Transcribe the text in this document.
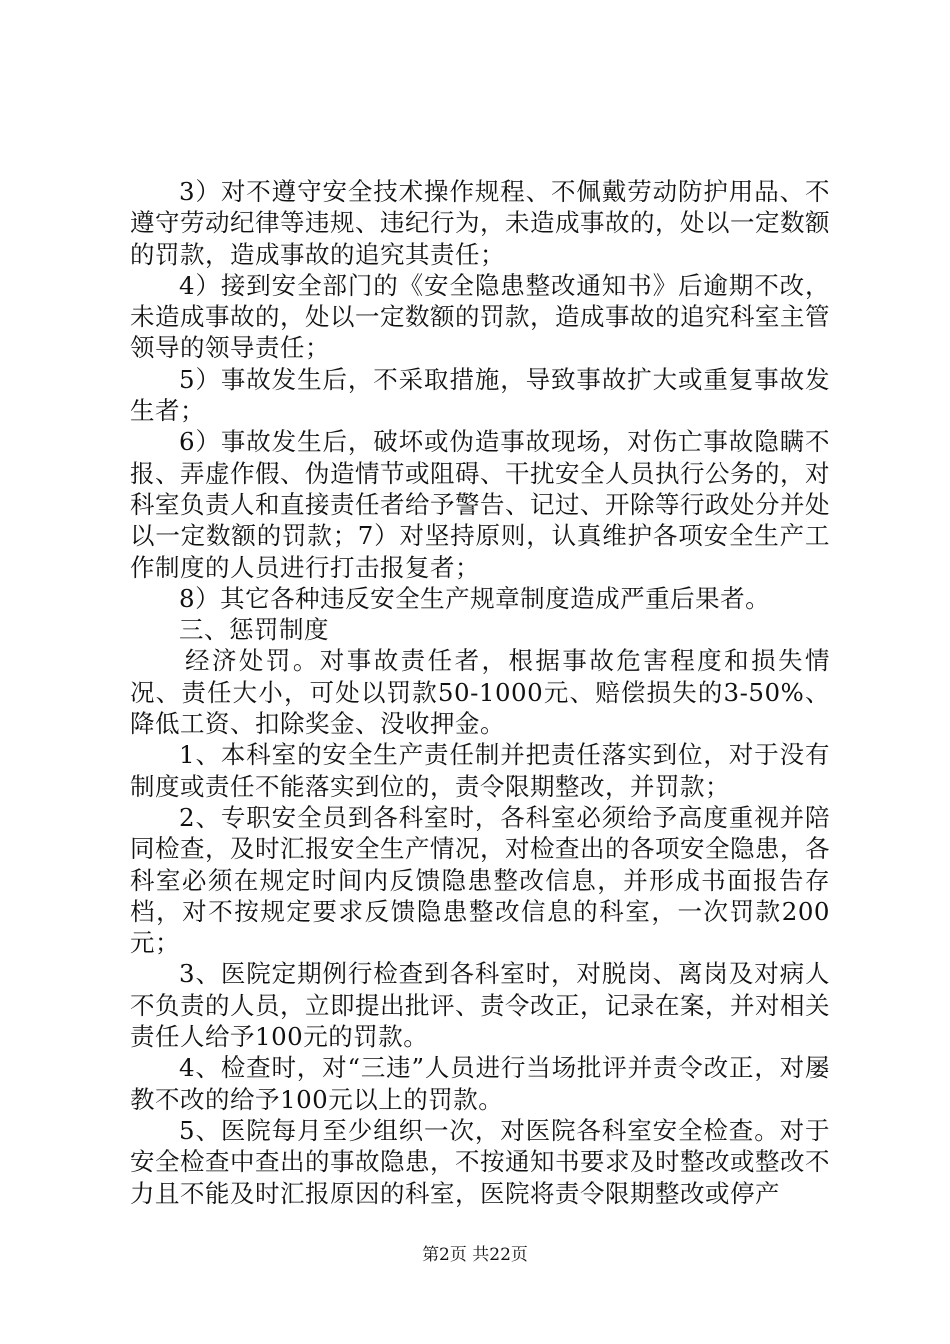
3）对不遵守安全技术操作规程、不佩戴劳动防护用品、不遵守劳动纪律等违规、违纪行为，未造成事故的，处以一定数额的罚款，造成事故的追究其责任；

4）接到安全部门的《安全隐患整改通知书》后逾期不改，未造成事故的，处以一定数额的罚款，造成事故的追究科室主管领导的领导责任；

5）事故发生后，不采取措施，导致事故扩大或重复事故发生者；

6）事故发生后，破坏或伪造事故现场，对伤亡事故隐瞒不报、弄虚作假、伪造情节或阻碍、干扰安全人员执行公务的，对科室负责人和直接责任者给予警告、记过、开除等行政处分并处以一定数额的罚款；7）对坚持原则，认真维护各项安全生产工作制度的人员进行打击报复者；

8）其它各种违反安全生产规章制度造成严重后果者。

三、惩罚制度

经济处罚。对事故责任者，根据事故危害程度和损失情况、责任大小，可处以罚款50-1000元、赔偿损失的3-50%、降低工资、扣除奖金、没收押金。

1、本科室的安全生产责任制并把责任落实到位，对于没有制度或责任不能落实到位的，责令限期整改，并罚款；

2、专职安全员到各科室时，各科室必须给予高度重视并陪同检查，及时汇报安全生产情况，对检查出的各项安全隐患，各科室必须在规定时间内反馈隐患整改信息，并形成书面报告存档，对不按规定要求反馈隐患整改信息的科室，一次罚款200元；

3、医院定期例行检查到各科室时，对脱岗、离岗及对病人不负责的人员，立即提出批评、责令改正，记录在案，并对相关责任人给予100元的罚款。

4、检查时，对“三违”人员进行当场批评并责令改正，对屡教不改的给予100元以上的罚款。

5、医院每月至少组织一次，对医院各科室安全检查。对于安全检查中查出的事故隐患，不按通知书要求及时整改或整改不力且不能及时汇报原因的科室，医院将责令限期整改或停产

第2页 共22页
